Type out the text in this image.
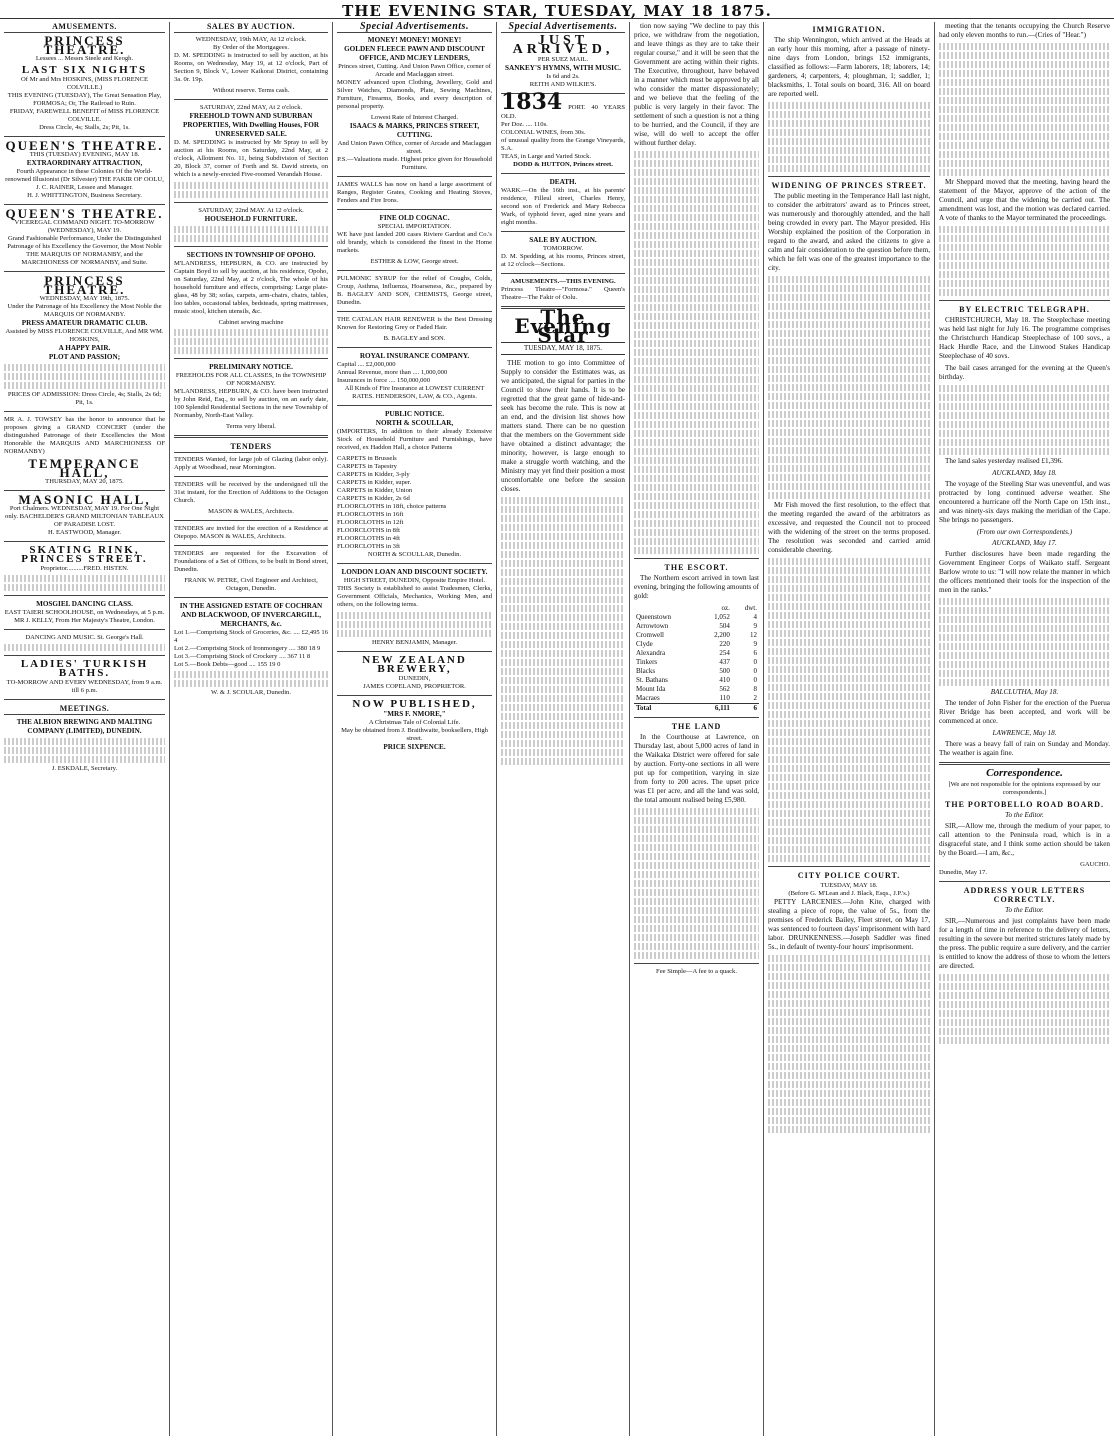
THE EVENING STAR, TUESDAY, MAY 18 1875.
AMUSEMENTS.
PRINCESS THEATRE.
Lessees ... Messrs Steele and Keogh.
LAST SIX NIGHTS
Of Mr and Mrs HOSKINS, (MISS FLORENCE COLVILLE.)
THIS EVENING (TUESDAY), The Great Sensation Play, FORMOSA; Or, The Railroad to Ruin.
FRIDAY, FAREWELL BENEFIT of MISS FLORENCE COLVILLE.
Dress Circle, 4s; Stalls, 2s; Pit, 1s.
QUEEN'S THEATRE.
THIS (TUESDAY) EVENING, MAY 18.
EXTRAORDINARY ATTRACTION,
Fourth Appearance in these Colonies Of the World-renowned Illusionist (Dr Silvester) THE FAKIR OF OOLU,
J. C. RAINER, Lessee and Manager.
H. J. WHITTINGTON, Business Secretary.
QUEEN'S THEATRE.
VICEREGAL COMMAND NIGHT. TO-MORROW (WEDNESDAY), MAY 19.
Grand Fashionable Performance, Under the Distinguished Patronage of his Excellency the Governor, the Most Noble THE MARQUIS OF NORMANBY, and the MARCHIONESS OF NORMANBY, and Suite.
PRINCESS THEATRE.
WEDNESDAY, MAY 19th, 1875.
Under the Patronage of his Excellency the Most Noble the MARQUIS OF NORMANBY.
PRESS AMATEUR DRAMATIC CLUB.
Assisted by MISS FLORENCE COLVILLE, And MR WM. HOSKINS,
A HAPPY PAIR.
PLOT AND PASSION;
PRICES OF ADMISSION: Dress Circle, 4s; Stalls, 2s 6d; Pit, 1s.

MR A. J. TOWSEY has the honor to announce that he proposes giving a GRAND CONCERT (under the distinguished Patronage of their Excellencies the Most Honorable the MARQUIS AND MARCHIONESS OF NORMANBY)

TEMPERANCE HALL,
THURSDAY, MAY 20, 1875.
MASONIC HALL,
Port Chalmers. WEDNESDAY, MAY 19. For One Night only. BACHELDER'S GRAND MILTONIAN TABLEAUX OF PARADISE LOST.
H. EASTWOOD, Manager.
SKATING RINK, PRINCES STREET.
Proprietor..........FRED. HISTEN.
MOSGIEL DANCING CLASS.
EAST TAIERI SCHOOLHOUSE, on Wednesdays, at 5 p.m.
MR J. KELLY, From Her Majesty's Theatre, London.
DANCING AND MUSIC. St. George's Hall.
LADIES' TURKISH BATHS.
TO-MORROW AND EVERY WEDNESDAY, from 9 a.m. till 6 p.m.
MEETINGS.
THE ALBION BREWING AND MALTING COMPANY (LIMITED), DUNEDIN.
J. ESKDALE, Secretary.
SALES BY AUCTION.
WEDNESDAY, 19th MAY, At 12 o'clock.
By Order of the Mortgagees.

D. M. SPEDDING is instructed to sell by auction, at his Rooms, on Wednesday, May 19, at 12 o'clock, Part of Section 9, Block V., Lower Kaikorai District, containing 3a. 0r. 19p.

Without reserve. Terms cash.
SATURDAY, 22nd MAY, At 2 o'clock.
FREEHOLD TOWN AND SUBURBAN PROPERTIES, With Dwelling Houses, FOR UNRESERVED SALE.

D. M. SPEDDING is instructed by Mr Spray to sell by auction at his Rooms, on Saturday, 22nd May, at 2 o'clock, Allotment No. 11, being Subdivision of Section 20, Block 37, corner of Forth and St. David streets, on which is a newly-erected Five-roomed Verandah House.

SATURDAY, 22nd MAY. At 12 o'clock.
HOUSEHOLD FURNITURE.
SECTIONS IN TOWNSHIP OF OPOHO.

M'LANDRESS, HEPBURN, & CO. are instructed by Captain Boyd to sell by auction, at his residence, Opoho, on Saturday, 22nd May, at 2 o'clock, The whole of his household furniture and effects, comprising: Large plate-glass, 48 by 38; sofas, carpets, arm-chairs, chairs, tables, loo tables, occasional tables, bedsteads, spring mattresses, music stool, kitchen utensils, &c.

Cabinet sewing machine
PRELIMINARY NOTICE.
FREEHOLDS FOR ALL CLASSES, In the TOWNSHIP OF NORMANBY.

M'LANDRESS, HEPBURN, & CO. have been instructed by John Reid, Esq., to sell by auction, on an early date, 100 Splendid Residential Sections in the new Township of Normanby, North-East Valley.

Terms very liberal.
TENDERS

TENDERS Wanted, for large job of Glazing (labor only). Apply at Woodhead, near Mornington.

TENDERS will be received by the undersigned till the 31st instant, for the Erection of Additions to the Octagon Church.

MASON & WALES, Architects.

TENDERS are invited for the erection of a Residence at Otepopo. MASON & WALES, Architects.

TENDERS are requested for the Excavation of Foundations of a Set of Offices, to be built in Bond street, Dunedin.

FRANK W. PETRE, Civil Engineer and Architect, Octagon, Dunedin.
IN THE ASSIGNED ESTATE OF COCHRAN AND BLACKWOOD, OF INVERCARGILL, MERCHANTS, &c.
Lot 1.—Comprising Stock of Groceries, &c. .... £2,495 16 4
Lot 2.—Comprising Stock of Ironmongery .... 380 18 9
Lot 3.—Comprising Stock of Crockery .... 367 11 8
Lot 5.—Book Debts—good .... 155 19 0
W. & J. SCOULAR, Dunedin.
Special Advertisements.
MONEY! MONEY! MONEY!
GOLDEN FLEECE PAWN AND DISCOUNT OFFICE, AND MCJEY LENDERS,
Princes street, Cutting. And Union Pawn Office, corner of Arcade and Maclaggan street.

MONEY advanced upon Clothing, Jewellery, Gold and Silver Watches, Diamonds, Plate, Sewing Machines, Furniture, Firearms, Books, and every description of personal property.

Lowest Rate of Interest Charged.
ISAACS & MARKS, PRINCES STREET, CUTTING.
And Union Pawn Office, corner of Arcade and Maclaggan street.
P.S.—Valuations made. Highest price given for Household Furniture.

JAMES WALLS has now on hand a large assortment of Ranges, Register Grates, Cooking and Heating Stoves, Fenders and Fire Irons.

FINE OLD COGNAC.
SPECIAL IMPORTATION.

WE have just landed 200 cases Riviere Gardrat and Co.'s old brandy, which is considered the finest in the Home markets.

ESTHER & LOW, George street.

PULMONIC SYRUP for the relief of Coughs, Colds, Croup, Asthma, Influenza, Hoarseness, &c., prepared by B. BAGLEY AND SON, CHEMISTS, George street, Dunedin.

THE CATALAN HAIR RENEWER is the Best Dressing Known for Restoring Grey or Faded Hair.

B. BAGLEY and SON.
ROYAL INSURANCE COMPANY.
Capital .... £2,000,000
Annual Revenue, more than .... 1,000,000
Insurances in force .... 150,000,000
All Kinds of Fire Insurance at LOWEST CURRENT RATES. HENDERSON, LAW, & CO., Agents.
PUBLIC NOTICE.
NORTH & SCOULLAR,

(IMPORTERS, In addition to their already Extensive Stock of Household Furniture and Furnishings, have received, ex Haddon Hall, a choice Patterns

CARPETS in Brussels
CARPETS in Tapestry
CARPETS in Kidder, 3-ply
CARPETS in Kidder, super.
CARPETS in Kidder, Union
CARPETS in Kidder, 2s 6d
FLOORCLOTHS in 18ft, choice patterns
FLOORCLOTHS in 16ft
FLOORCLOTHS in 12ft
FLOORCLOTHS in 8ft
FLOORCLOTHS in 4ft
FLOORCLOTHS in 3ft
NORTH & SCOULLAR, Dunedin.
LONDON LOAN AND DISCOUNT SOCIETY.
HIGH STREET, DUNEDIN, Opposite Empire Hotel.

THIS Society is established to assist Tradesmen, Clerks, Government Officials, Mechanics, Working Men, and others, on the following terms.

HENRY BENJAMIN, Manager.
NEW ZEALAND BREWERY,
DUNEDIN,
JAMES COPELAND, PROPRIETOR.
NOW PUBLISHED,
"MRS F. NMORE,"
A Christmas Tale of Colonial Life.
May be obtained from J. Braithwaite, booksellers, High street.
PRICE SIXPENCE.
Special Advertisements.
JUST ARRIVED,
PER SUEZ MAIL.
SANKEY'S HYMNS, WITH MUSIC.
Is 6d and 2s.
REITH AND WILKIE'S.
1834 PORT. 40 YEARS OLD.
Per Doz. .... 110s.
COLONIAL WINES, from 30s.
of unusual quality from the Grange Vineyards, S.A.
TEAS, in Large and Varied Stock.
DODD & HUTTON, Princes street.
DEATH.

WARK.—On the 16th inst., at his parents' residence, Filleul street, Charles Henry, second son of Frederick and Mary Rebecca Wark, of typhoid fever, aged nine years and eight months.

SALE BY AUCTION.
TOMORROW.

D. M. Spedding, at his rooms, Princes street, at 12 o'clock—Sections.

AMUSEMENTS.—THIS EVENING.

Princess Theatre—"Formosa." Queen's Theatre—The Fakir of Oolu.

The Evening Star
TUESDAY, MAY 18, 1875.

THE motion to go into Committee of Supply to consider the Estimates was, as we anticipated, the signal for parties in the Council to show their hands. It is to be regretted that the great game of hide-and-seek has become the rule. This is now at an end, and the division list shows how matters stand. There can be no question that the members on the Government side have obtained a distinct advantage; the minority, however, is large enough to make a struggle worth watching, and the Ministry may yet find their position a most uncomfortable one before the session closes.

tion now saying "We decline to pay this price, we withdraw from the negotiation, and leave things as they are to take their regular course," and it will be seen that the Government are acting within their rights. The Executive, throughout, have behaved in a manner which must be approved by all who consider the matter dispassionately; and we believe that the feeling of the public is very largely in their favor. The settlement of such a question is not a thing to be hurried, and the Council, if they are wise, will do well to accept the offer without further delay.

THE ESCORT.

The Northern escort arrived in town last evening, bringing the following amounts of gold:

	oz.	dwt.
Queenstown	1,052	4
Arrowtown	504	9
Cromwell	2,200	12
Clyde	220	9
Alexandra	254	6
Tinkers	437	0
Blacks	500	0
St. Bathans	410	0
Mount Ida	562	8
Macraes	110	2
Total	6,111	6
THE LAND

In the Courthouse at Lawrence, on Thursday last, about 5,000 acres of land in the Waikaka District were offered for sale by auction. Forty-one sections in all were put up for competition, varying in size from forty to 200 acres. The upset price was £1 per acre, and all the land was sold, the total amount realised being £5,980.

Fee Simple—A fee to a quack.
IMMIGRATION.

The ship Wennington, which arrived at the Heads at an early hour this morning, after a passage of ninety-nine days from London, brings 152 immigrants, classified as follows:—Farm laborers, 18; laborers, 14; gardeners, 4; carpenters, 4; ploughman, 1; saddler, 1; blacksmiths, 1. Total souls on board, 316. All on board are reported well.

WIDENING OF PRINCES STREET.

The public meeting in the Temperance Hall last night, to consider the arbitrators' award as to Princes street, was numerously and thoroughly attended, and the hall being crowded in every part. The Mayor presided. His Worship explained the position of the Corporation in regard to the award, and asked the citizens to give a calm and fair consideration to the question before them, which he felt was one of the greatest importance to the city.

Mr Fish moved the first resolution, to the effect that the meeting regarded the award of the arbitrators as excessive, and requested the Council not to proceed with the widening of the street on the terms proposed. The resolution was seconded and carried amid considerable cheering.

CITY POLICE COURT.
TUESDAY, MAY 18.
(Before G. M'Lean and J. Black, Esqs., J.P.'s.)

PETTY LARCENIES.—John Kite, charged with stealing a piece of rope, the value of 5s., from the premises of Frederick Bailey, Fleet street, on May 17, was sentenced to fourteen days' imprisonment with hard labor. DRUNKENNESS.—Joseph Saddler was fined 5s., in default of twenty-four hours' imprisonment.

meeting that the tenants occupying the Church Reserve had only eleven months to run.—(Cries of "Hear.")

Mr Sheppard moved that the meeting, having heard the statement of the Mayor, approve of the action of the Council, and urge that the widening be carried out. The amendment was lost, and the motion was declared carried. A vote of thanks to the Mayor terminated the proceedings.

BY ELECTRIC TELEGRAPH.

CHRISTCHURCH, May 18. The Steeplechase meeting was held last night for July 16. The programme comprises the Christchurch Handicap Steeplechase of 100 sovs., a Hack Hurdle Race, and the Linwood Stakes Handicap Steeplechase of 40 sovs.

The bail cases arranged for the evening at the Queen's birthday.

The land sales yesterday realised £1,396.

AUCKLAND, May 18.

The voyage of the Steeling Star was uneventful, and was protracted by long continued adverse weather. She encountered a hurricane off the North Cape on 15th inst., and was ninety-six days making the meridian of the Cape. She brings no passengers.

(From our own Correspondents.)
AUCKLAND, May 17.

Further disclosures have been made regarding the Government Engineer Corps of Waikato staff. Sergeant Barlow wrote to us: "I will now relate the manner in which the officers mentioned their tools for the inspection of the men in the ranks."

BALCLUTHA, May 18.

The tender of John Fisher for the erection of the Puerua River Bridge has been accepted, and work will be commenced at once.

LAWRENCE, May 18.

There was a heavy fall of rain on Sunday and Monday. The weather is again fine.

Correspondence.
[We are not responsible for the opinions expressed by our correspondents.]
THE PORTOBELLO ROAD BOARD.
To the Editor.

SIR,—Allow me, through the medium of your paper, to call attention to the Peninsula road, which is in a disgraceful state, and I think some action should be taken by the Board.—I am, &c.,

GAUCHO.
Dunedin, May 17.
ADDRESS YOUR LETTERS CORRECTLY.
To the Editor.

SIR,—Numerous and just complaints have been made for a length of time in reference to the delivery of letters, resulting in the severe but merited strictures lately made by the press. The public require a sure delivery, and the carrier is entitled to know the address of those to whom the letters are directed.
